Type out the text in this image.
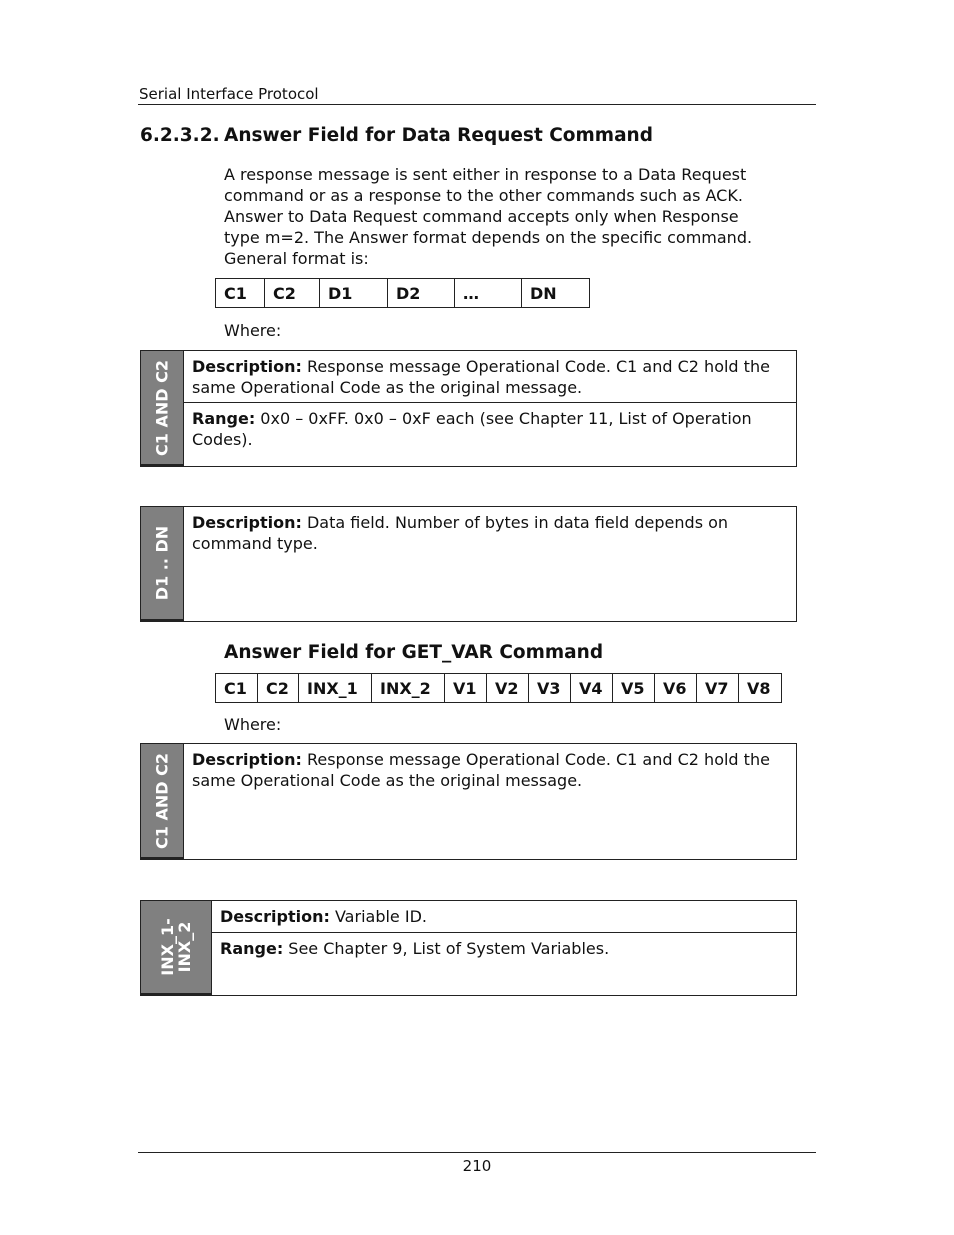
Serial Interface Protocol
6.2.3.2. Answer Field for Data Request Command
A response message is sent either in response to a Data Request
command or as a response to the other commands such as ACK.
Answer to Data Request command accepts only when Response
type m=2. The Answer format depends on the specific command.
General format is:
C1	C2	D1	D2	…	DN
Where:
C1 AND C2	Description: Response message Operational Code. C1 and C2 hold the same Operational Code as the original message.
Range: 0x0 – 0xFF. 0x0 – 0xF each (see Chapter 11, List of Operation Codes).
D1 .. DN
Description: Data field. Number of bytes in data field depends on command type.
Answer Field for GET_VAR Command
C1	C2	INX_1	INX_2	V1	V2	V3	V4	V5	V6	V7	V8
Where:
C1 AND C2	Description: Response message Operational Code. C1 and C2 hold the same Operational Code as the original message.
INX_1-
INX_2
Description: Variable ID.
Range: See Chapter 9, List of System Variables.
210
